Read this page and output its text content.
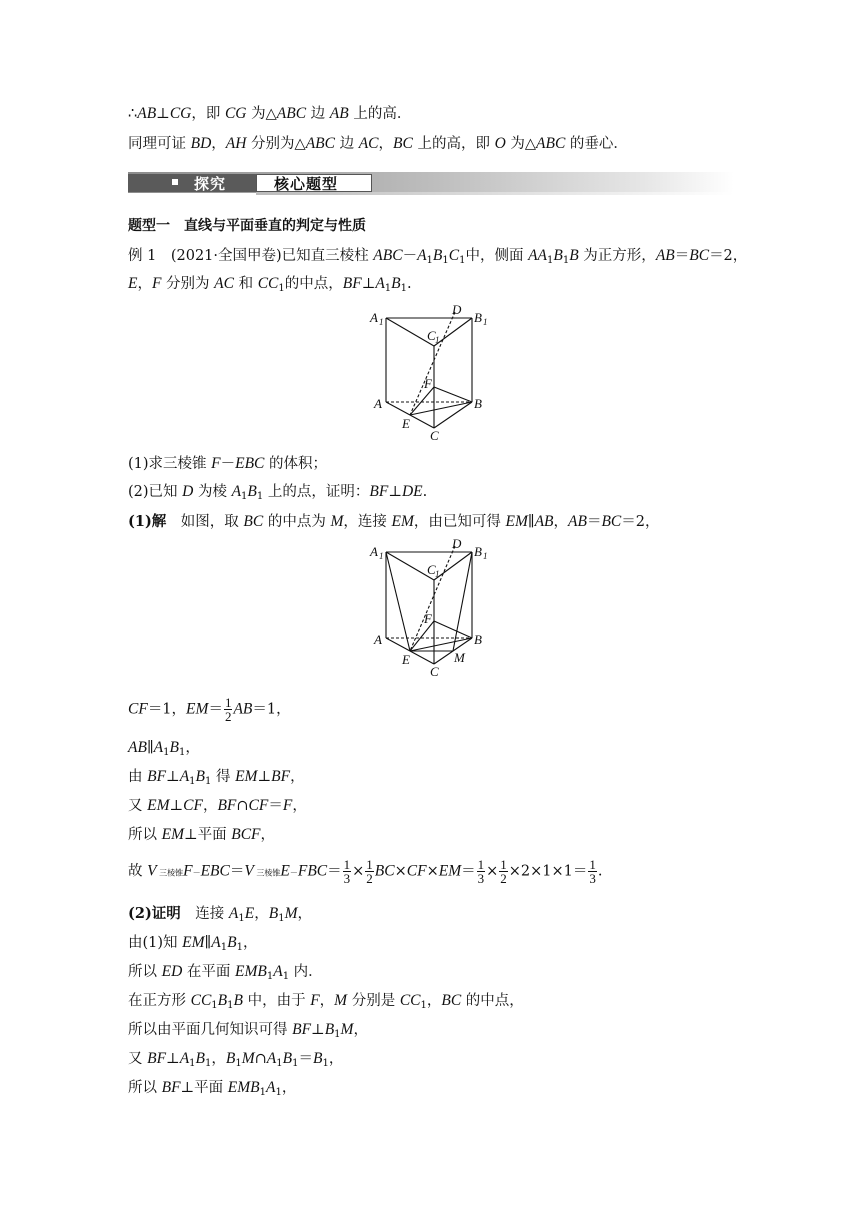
∴AB⊥CG，即 CG 为△ABC 边 AB 上的高．
同理可证 BD，AH 分别为△ABC 边 AC，BC 上的高，即 O 为△ABC 的垂心．
探究	核心题型
题型一　直线与平面垂直的判定与性质
例 1　(2021·全国甲卷)已知直三棱柱 $ABC-A_1B_1C_1$中，侧面 $AA_1B_1B$ 为正方形，AB＝BC＝2，
E，F 分别为 AC 和 $CC_1$的中点，$BF\perp A_1B_1$.
A 1	B 1
D
C 1
F
A	B
E
C
(1)求三棱锥 F－EBC 的体积；
(2)已知 D 为棱 $A_1B_1$ 上的点，证明：BF⊥DE.
(1)解　如图，取 BC 的中点为 M，连接 EM，由已知可得 EM∥AB，AB＝BC＝2，
A 1	B 1
D
C 1
F
A	B
E	M
C
CF＝1，$EM= \frac{1}{2} AB=1$，
$AB\parallel A_1B_1$，
由 $BF\perp A_1B_1$ 得 EM⊥BF，
又 EM⊥CF，BF∩CF＝F，
所以 EM⊥平面 BCF，
故 V 三棱锥F－EBC＝V 三棱锥$E-FBC= \frac{1}{3} \times \frac{1}{2} BC\times CF\times EM= \frac{1}{3} \times \frac{1}{2} \times 2\times 1\times 1= \frac{1}{3}$ .
(2)证明　连接 $A_1E$，$B_1M$，
由(1)知 $EM\parallel A_1B_1$，
所以 ED 在平面 $EMB_1A_1$ 内．
在正方形 $CC_1B_1B$ 中，由于 F，M 分别是 $CC_1$，BC 的中点，
所以由平面几何知识可得 $BF\perp B_1M$，
又 $BF\perp A_1B_1$，$B_1M\cap A_1B_1=B_1$，
所以 BF⊥平面 $EMB_1A_1$，
